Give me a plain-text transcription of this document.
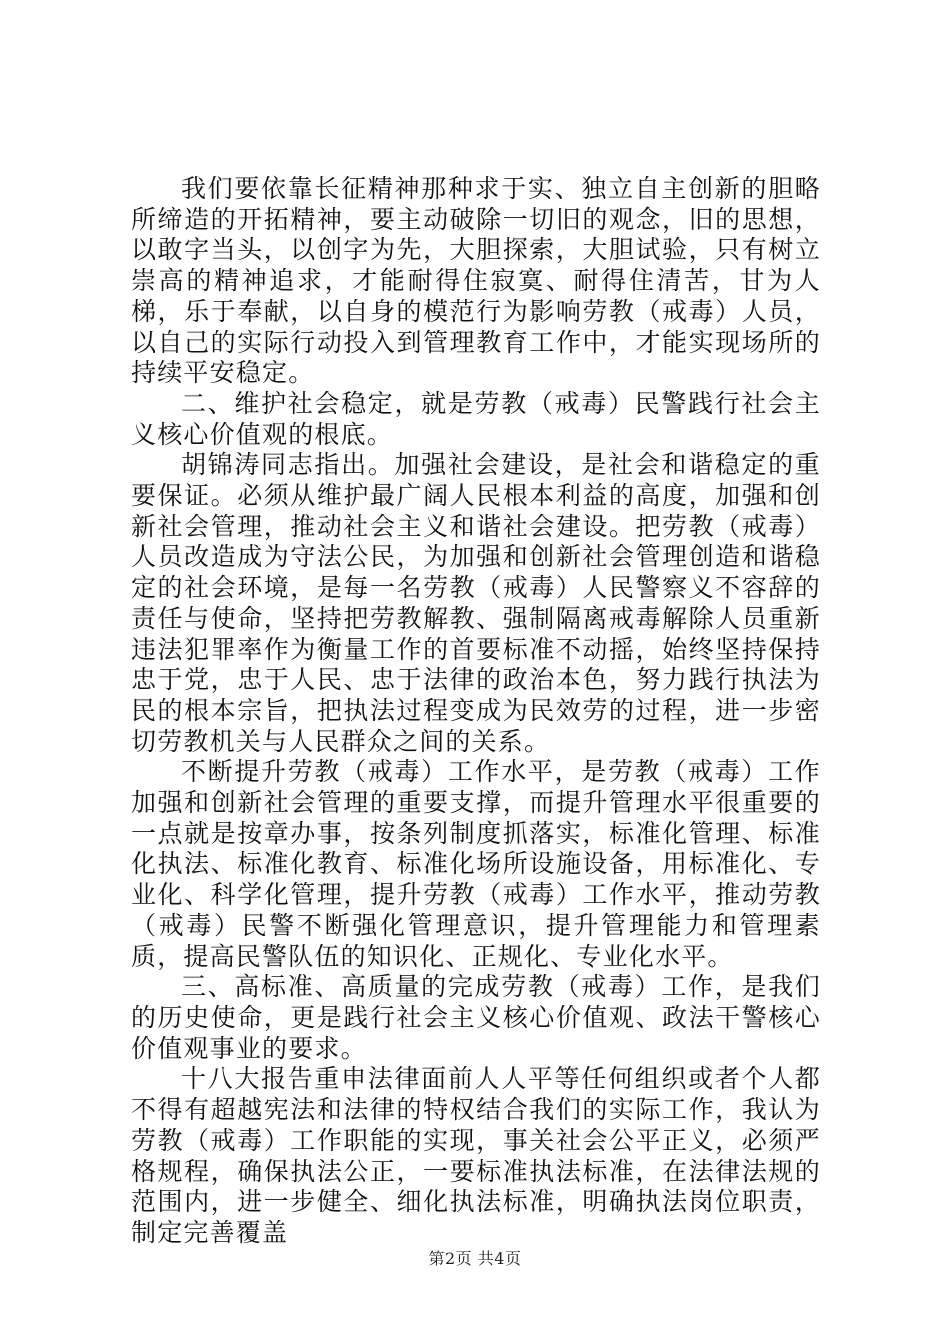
我们要依靠长征精神那种求于实、独立自主创新的胆略所缔造的开拓精神，要主动破除一切旧的观念，旧的思想，以敢字当头，以创字为先，大胆探索，大胆试验，只有树立崇高的精神追求，才能耐得住寂寞、耐得住清苦，甘为人梯，乐于奉献，以自身的模范行为影响劳教（戒毒）人员，以自己的实际行动投入到管理教育工作中，才能实现场所的持续平安稳定。

二、维护社会稳定，就是劳教（戒毒）民警践行社会主义核心价值观的根底。

胡锦涛同志指出。加强社会建设，是社会和谐稳定的重要保证。必须从维护最广阔人民根本利益的高度，加强和创新社会管理，推动社会主义和谐社会建设。把劳教（戒毒）人员改造成为守法公民，为加强和创新社会管理创造和谐稳定的社会环境，是每一名劳教（戒毒）人民警察义不容辞的责任与使命，坚持把劳教解教、强制隔离戒毒解除人员重新违法犯罪率作为衡量工作的首要标准不动摇，始终坚持保持忠于党，忠于人民、忠于法律的政治本色，努力践行执法为民的根本宗旨，把执法过程变成为民效劳的过程，进一步密切劳教机关与人民群众之间的关系。

不断提升劳教（戒毒）工作水平，是劳教（戒毒）工作加强和创新社会管理的重要支撑，而提升管理水平很重要的一点就是按章办事，按条列制度抓落实，标准化管理、标准化执法、标准化教育、标准化场所设施设备，用标准化、专业化、科学化管理，提升劳教（戒毒）工作水平，推动劳教（戒毒）民警不断强化管理意识，提升管理能力和管理素质，提高民警队伍的知识化、正规化、专业化水平。

三、高标准、高质量的完成劳教（戒毒）工作，是我们的历史使命，更是践行社会主义核心价值观、政法干警核心价值观事业的要求。

十八大报告重申法律面前人人平等任何组织或者个人都不得有超越宪法和法律的特权结合我们的实际工作，我认为劳教（戒毒）工作职能的实现，事关社会公平正义，必须严格规程，确保执法公正，一要标准执法标准，在法律法规的范围内，进一步健全、细化执法标准，明确执法岗位职责，制定完善覆盖

第2页 共4页
